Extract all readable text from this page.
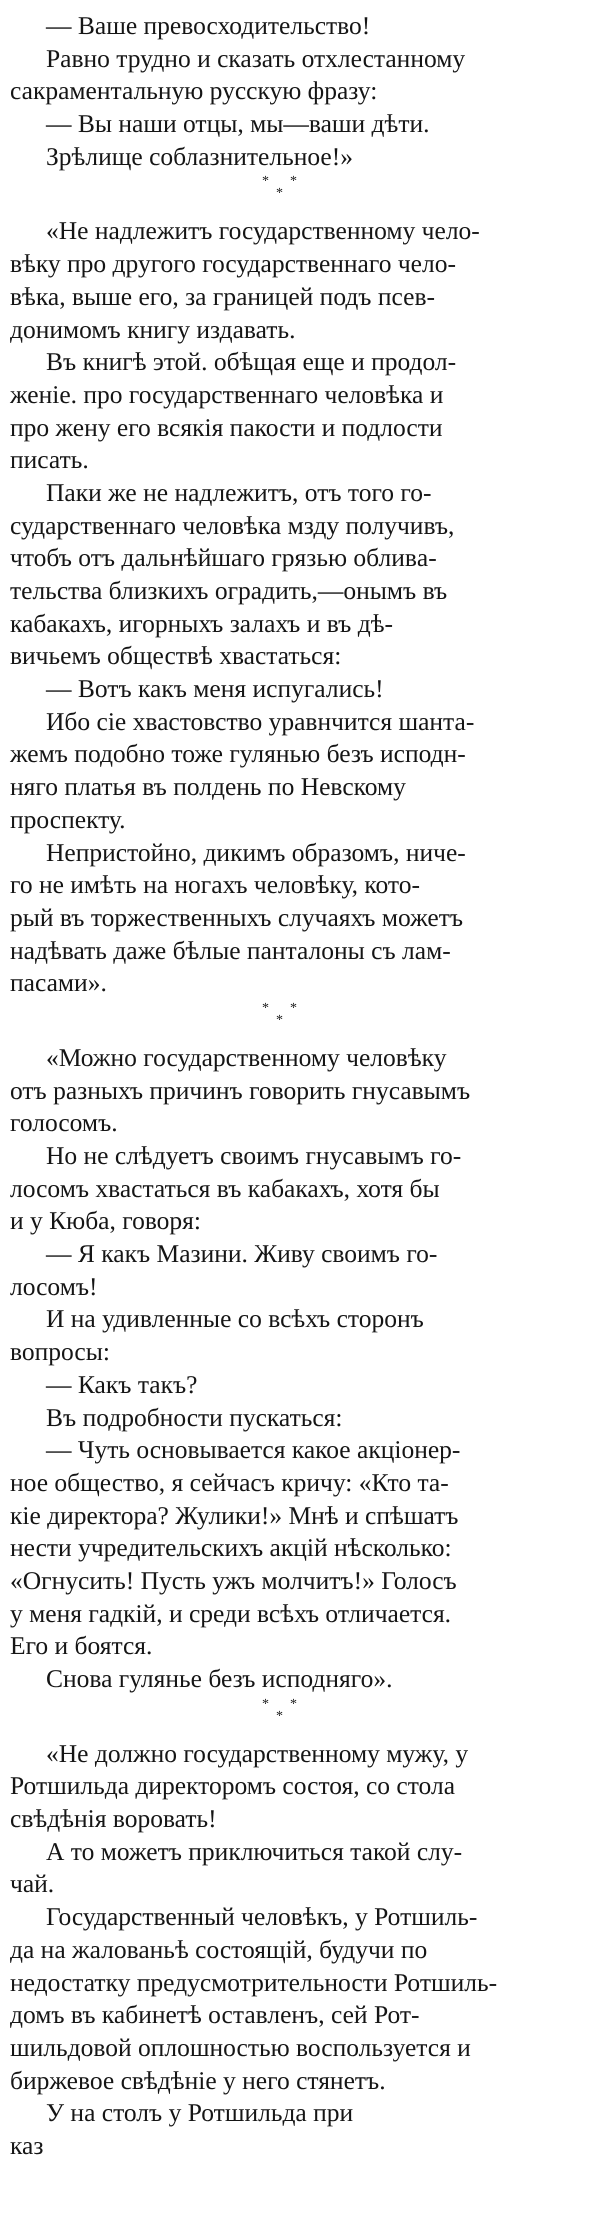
— Ваше превосходительство!
Равно трудно и сказать отхлестанному
сакраментальную русскую фразу:
— Вы наши отцы, мы—ваши дѣти.
Зрѣлище соблазнительное!»
* *
*
«Не надлежитъ государственному чело-
вѣку про другого государственнаго чело-
вѣка, выше его, за границей подъ псев-
донимомъ книгу издавать.
Въ книгѣ этой. обѣщая еще и продол-
женіе. про государственнаго человѣка и
про жену его всякія пакости и подлости
писать.
Паки же не надлежитъ, отъ того го-
сударственнаго человѣка мзду получивъ,
чтобъ отъ дальнѣйшаго грязью обливa-
тельства близкихъ оградить,—онымъ въ
кабакахъ, игорныхъ залахъ и въ дѣ-
вичьемъ обществѣ хвастаться:
— Вотъ какъ меня испугались!
Ибо сіе хвастовство уравнчится шанта-
жемъ подобно тоже гулянью безъ исподн-
няго платья въ полдень по Невскому
проспекту.
Непристойно, дикимъ образомъ, ниче-
го не имѣть на ногахъ человѣку, кото-
рый въ торжественныхъ случаяхъ можетъ
надѣвать даже бѣлые панталоны съ лам-
пасами».
* *
*
«Можно государственному человѣку
отъ разныхъ причинъ говорить гнусавымъ
голосомъ.
Но не слѣдуетъ своимъ гнусавымъ го-
лосомъ хвастаться въ кабакахъ, хотя бы
и у Кюба, говоря:
— Я какъ Мазини. Живу своимъ го-
лосомъ!
И на удивленные со всѣхъ сторонъ
вопросы:
— Какъ такъ?
Въ подробности пускаться:
— Чуть основывается какое акціонер-
ное общество, я сейчасъ кричу: «Кто та-
кіе директора? Жулики!» Мнѣ и спѣшатъ
нести учредительскихъ акцій нѣсколько:
«Огнусить! Пусть ужъ молчитъ!» Голосъ
у меня гадкій, и среди всѣхъ отличается.
Его и боятся.
Снова гулянье безъ исподняго».
* *
*
«Не должно государственному мужу, у
Ротшильда директоромъ состоя, со стола
свѣдѣнія воровать!
А то можетъ приключиться такой слу-
чай.
Государственный человѣкъ, у Ротшиль-
да на жалованьѣ состоящій, будучи по
недостатку предусмотрительности Ротшиль-
домъ въ кабинетѣ оставленъ, сей Рот-
шильдовой оплошностью воспользуется и
биржевое свѣдѣніе у него стянетъ.
У на столъ у Ротшильда при
каз
